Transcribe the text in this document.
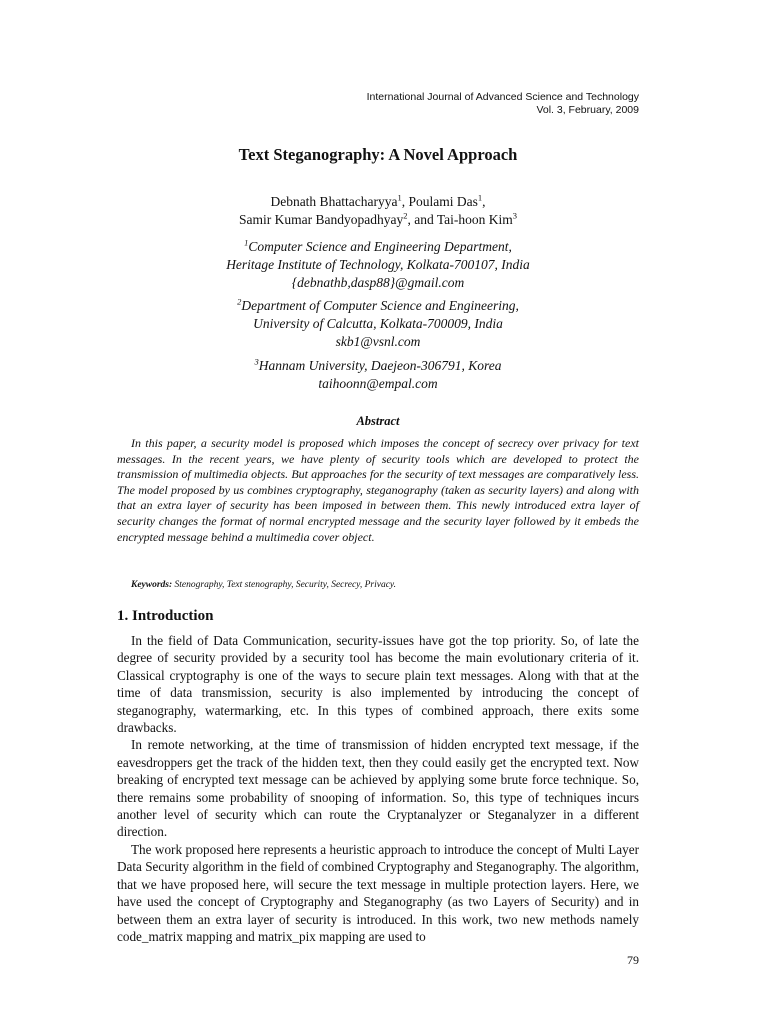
International Journal of Advanced Science and Technology
Vol. 3, February, 2009
Text Steganography: A Novel Approach
Debnath Bhattacharyya$^1$, Poulami Das$^1$,
Samir Kumar Bandyopadhyay$^2$, and Tai-hoon Kim$^3$
$^1$Computer Science and Engineering Department,
Heritage Institute of Technology, Kolkata-700107, India
{debnathb,dasp88}@gmail.com
$^2$Department of Computer Science and Engineering,
University of Calcutta, Kolkata-700009, India
skb1@vsnl.com
$^3$Hannam University, Daejeon-306791, Korea
taihoonn@empal.com
Abstract

In this paper, a security model is proposed which imposes the concept of secrecy over privacy for text messages. In the recent years, we have plenty of security tools which are developed to protect the transmission of multimedia objects. But approaches for the security of text messages are comparatively less. The model proposed by us combines cryptography, steganography (taken as security layers) and along with that an extra layer of security has been imposed in between them. This newly introduced extra layer of security changes the format of normal encrypted message and the security layer followed by it embeds the encrypted message behind a multimedia cover object.

Keywords: Stenography, Text stenography, Security, Secrecy, Privacy.
1. Introduction

In the field of Data Communication, security-issues have got the top priority. So, of late the degree of security provided by a security tool has become the main evolutionary criteria of it. Classical cryptography is one of the ways to secure plain text messages. Along with that at the time of data transmission, security is also implemented by introducing the concept of steganography, watermarking, etc. In this types of combined approach, there exits some drawbacks.

In remote networking, at the time of transmission of hidden encrypted text message, if the eavesdroppers get the track of the hidden text, then they could easily get the encrypted text. Now breaking of encrypted text message can be achieved by applying some brute force technique. So, there remains some probability of snooping of information. So, this type of techniques incurs another level of security which can route the Cryptanalyzer or Steganalyzer in a different direction.

The work proposed here represents a heuristic approach to introduce the concept of Multi Layer Data Security algorithm in the field of combined Cryptography and Steganography. The algorithm, that we have proposed here, will secure the text message in multiple protection layers. Here, we have used the concept of Cryptography and Steganography (as two Layers of Security) and in between them an extra layer of security is introduced. In this work, two new methods namely code_matrix mapping and matrix_pix mapping are used to

79
